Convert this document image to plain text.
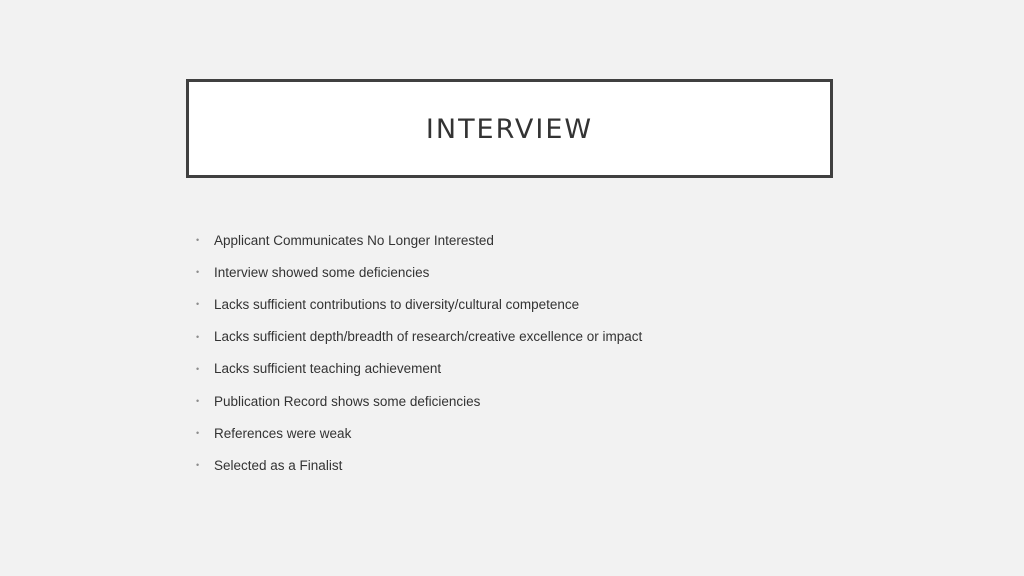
INTERVIEW
•	Applicant Communicates No Longer Interested
•	Interview showed some deficiencies
•	Lacks sufficient contributions to diversity/cultural competence
•	Lacks sufficient depth/breadth of research/creative excellence or impact
•	Lacks sufficient teaching achievement
•	Publication Record shows some deficiencies
•	References were weak
•	Selected as a Finalist
